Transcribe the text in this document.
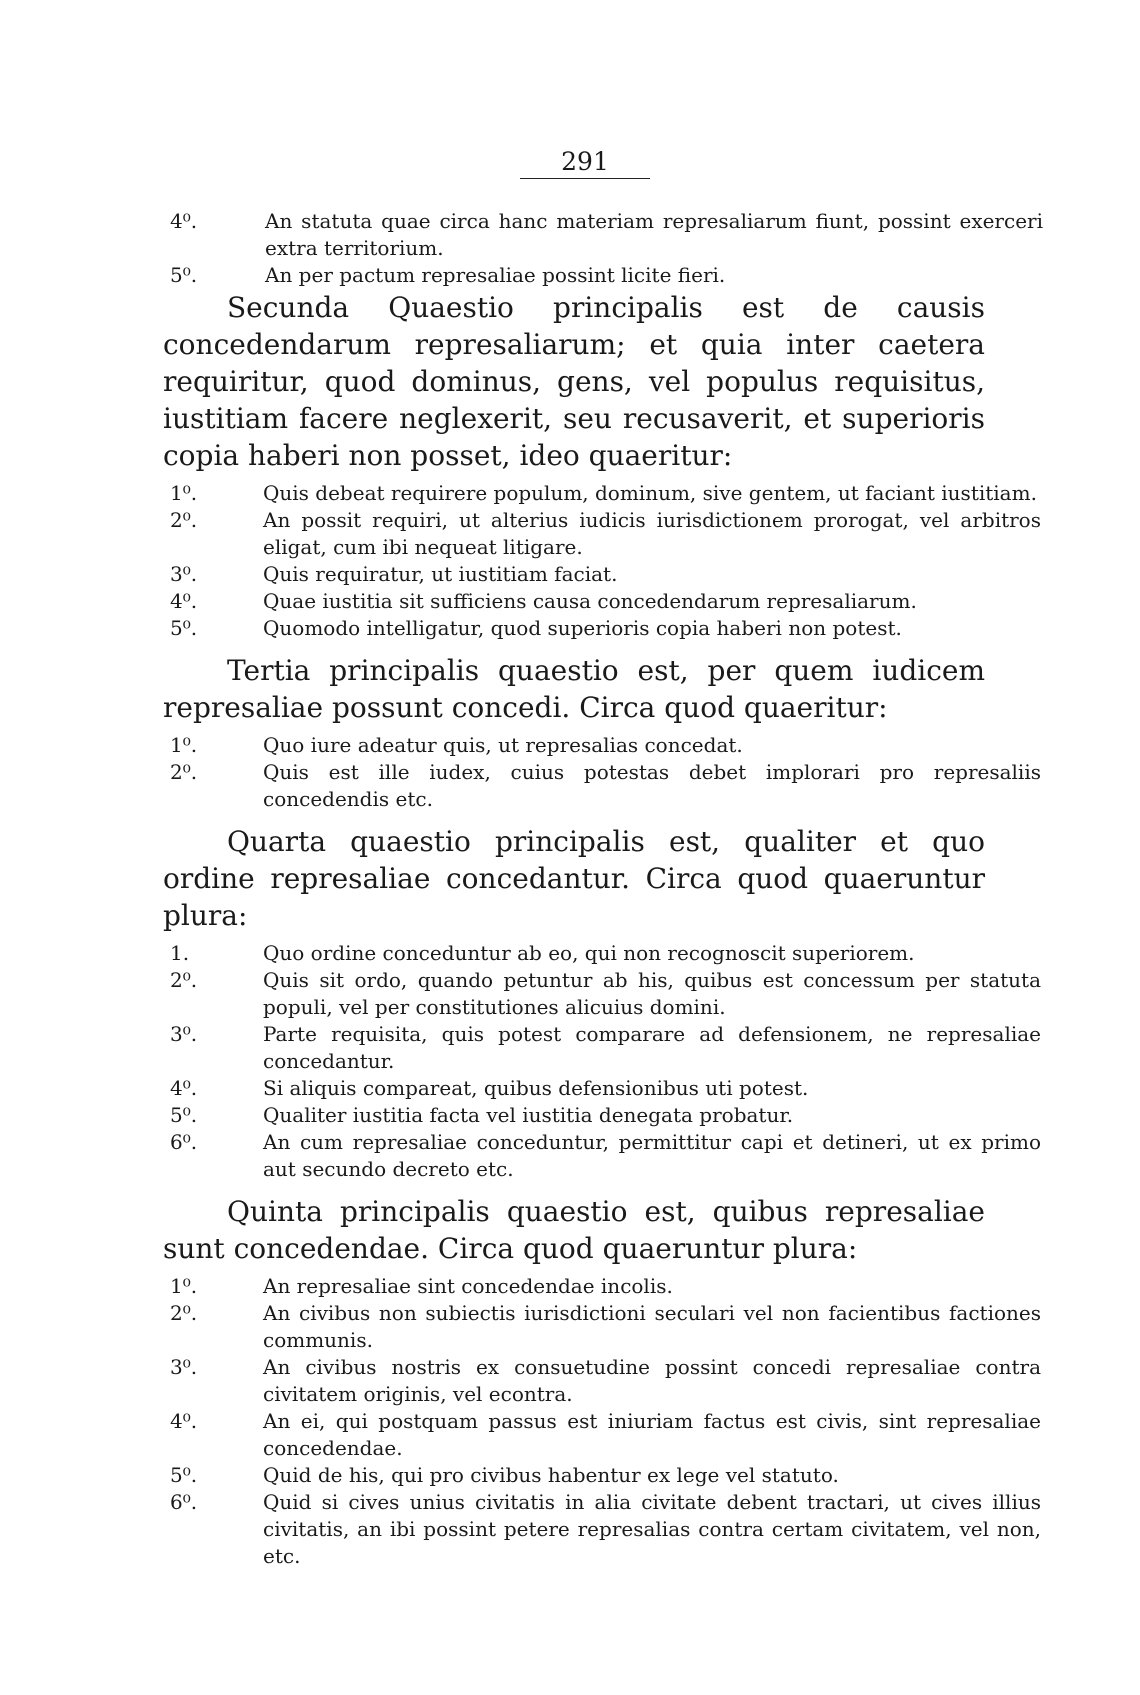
291
4⁰.	An statuta quae circa hanc materiam represaliarum fiunt, possint exerceri extra territorium.
5⁰.	An per pactum represaliae possint licite fieri.

Secunda Quaestio principalis est de causis concedendarum represaliarum; et quia inter caetera requiritur, quod dominus, gens, vel populus requisitus, iustitiam facere neglexerit, seu recusaverit, et superioris copia haberi non posset, ideo quaeritur:

1⁰.	Quis debeat requirere populum, dominum, sive gentem, ut faciant iustitiam.
2⁰.	An possit requiri, ut alterius iudicis iurisdictionem prorogat, vel arbitros eligat, cum ibi nequeat litigare.
3⁰.	Quis requiratur, ut iustitiam faciat.
4⁰.	Quae iustitia sit sufficiens causa concedendarum represaliarum.
5⁰.	Quomodo intelligatur, quod superioris copia haberi non potest.

Tertia principalis quaestio est, per quem iudicem represaliae possunt concedi. Circa quod quaeritur:

1⁰.	Quo iure adeatur quis, ut represalias concedat.
2⁰.	Quis est ille iudex, cuius potestas debet implorari pro represaliis concedendis etc.

Quarta quaestio principalis est, qualiter et quo ordine represaliae concedantur. Circa quod quaeruntur plura:

1.	Quo ordine conceduntur ab eo, qui non recognoscit superiorem.
2⁰.	Quis sit ordo, quando petuntur ab his, quibus est concessum per statuta populi, vel per constitutiones alicuius domini.
3⁰.	Parte requisita, quis potest comparare ad defensionem, ne represaliae concedantur.
4⁰.	Si aliquis compareat, quibus defensionibus uti potest.
5⁰.	Qualiter iustitia facta vel iustitia denegata probatur.
6⁰.	An cum represaliae conceduntur, permittitur capi et detineri, ut ex primo aut secundo decreto etc.

Quinta principalis quaestio est, quibus represaliae sunt concedendae. Circa quod quaeruntur plura:

1⁰.	An represaliae sint concedendae incolis.
2⁰.	An civibus non subiectis iurisdictioni seculari vel non facientibus factiones communis.
3⁰.	An civibus nostris ex consuetudine possint concedi represaliae contra civitatem originis, vel econtra.
4⁰.	An ei, qui postquam passus est iniuriam factus est civis, sint represaliae concedendae.
5⁰.	Quid de his, qui pro civibus habentur ex lege vel statuto.
6⁰.	Quid si cives unius civitatis in alia civitate debent tractari, ut cives illius civitatis, an ibi possint petere represalias contra certam civitatem, vel non, etc.
